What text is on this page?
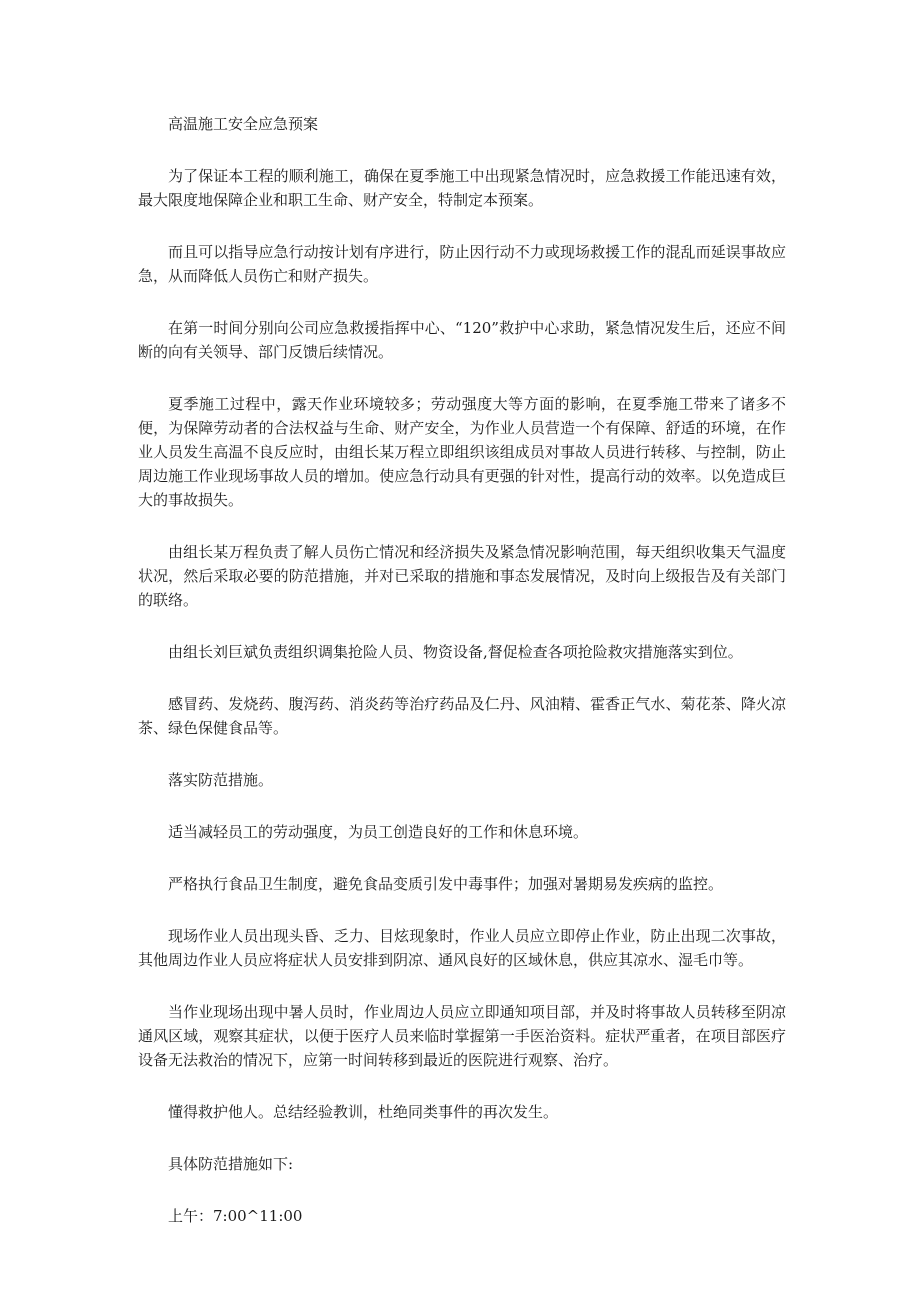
高温施工安全应急预案

为了保证本工程的顺利施工，确保在夏季施工中出现紧急情况时，应急救援工作能迅速有效，最大限度地保障企业和职工生命、财产安全，特制定本预案。

而且可以指导应急行动按计划有序进行，防止因行动不力或现场救援工作的混乱而延误事故应急，从而降低人员伤亡和财产损失。

在第一时间分别向公司应急救援指挥中心、“120”救护中心求助，紧急情况发生后，还应不间断的向有关领导、部门反馈后续情况。

夏季施工过程中，露天作业环境较多；劳动强度大等方面的影响，在夏季施工带来了诸多不便，为保障劳动者的合法权益与生命、财产安全，为作业人员营造一个有保障、舒适的环境，在作业人员发生高温不良反应时，由组长某万程立即组织该组成员对事故人员进行转移、与控制，防止周边施工作业现场事故人员的增加。使应急行动具有更强的针对性，提高行动的效率。以免造成巨大的事故损失。

由组长某万程负责了解人员伤亡情况和经济损失及紧急情况影响范围，每天组织收集天气温度状况，然后采取必要的防范措施，并对已采取的措施和事态发展情况，及时向上级报告及有关部门的联络。

由组长刘巨斌负责组织调集抢险人员、物资设备,督促检查各项抢险救灾措施落实到位。

感冒药、发烧药、腹泻药、消炎药等治疗药品及仁丹、风油精、霍香正气水、菊花茶、降火凉茶、绿色保健食品等。

落实防范措施。

适当减轻员工的劳动强度，为员工创造良好的工作和休息环境。

严格执行食品卫生制度，避免食品变质引发中毒事件；加强对暑期易发疾病的监控。

现场作业人员出现头昏、乏力、目炫现象时，作业人员应立即停止作业，防止出现二次事故，其他周边作业人员应将症状人员安排到阴凉、通风良好的区域休息，供应其凉水、湿毛巾等。

当作业现场出现中暑人员时，作业周边人员应立即通知项目部，并及时将事故人员转移至阴凉通风区域，观察其症状，以便于医疗人员来临时掌握第一手医治资料。症状严重者，在项目部医疗设备无法救治的情况下，应第一时间转移到最近的医院进行观察、治疗。

懂得救护他人。总结经验教训，杜绝同类事件的再次发生。

具体防范措施如下:

上午：7:00^11:00
